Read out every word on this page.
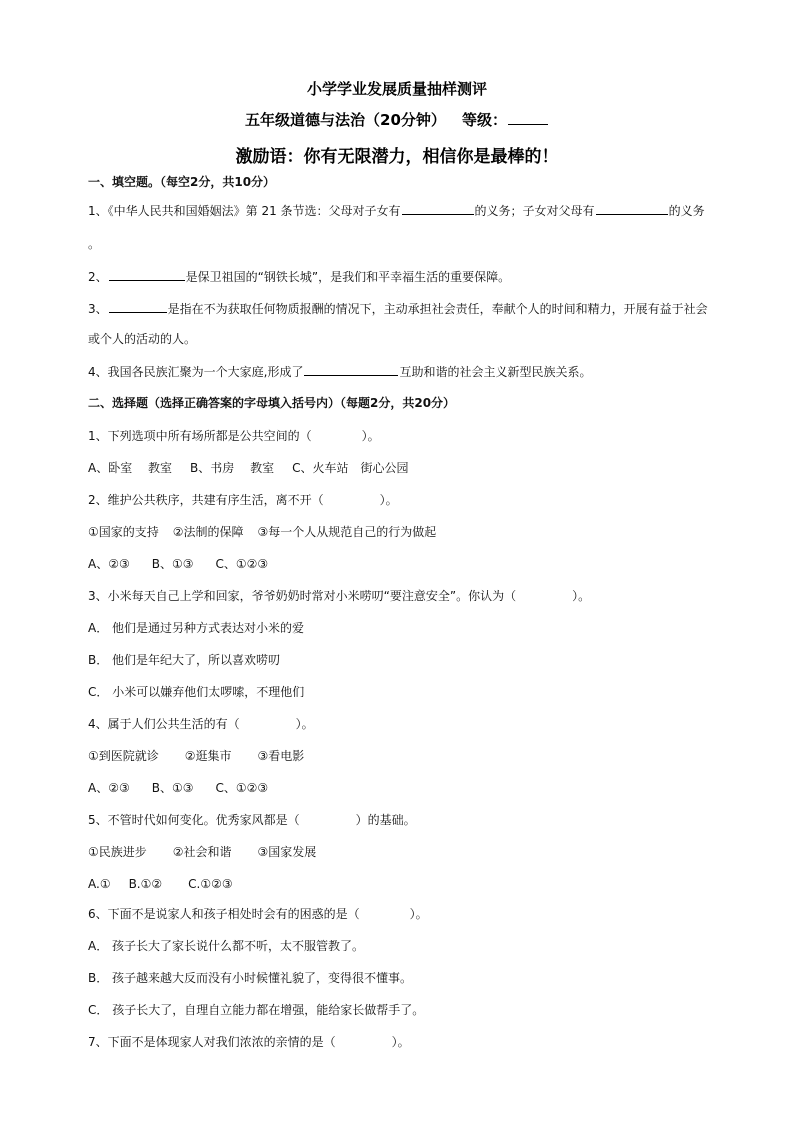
小学学业发展质量抽样测评
五年级道德与法治（20分钟） 等级：
激励语：你有无限潜力，相信你是最棒的！
一、填空题。（每空2分，共10分）
1、《中华人民共和国婚姻法》第 21 条节选：父母对子女有	的义务；子女对父母有	的义务
。
2、	是保卫祖国的“钢铁长城”，是我们和平幸福生活的重要保障。
3、	是指在不为获取任何物质报酬的情况下，主动承担社会责任，奉献个人的时间和精力，开展有益于社会
或个人的活动的人。
4、我国各民族汇聚为一个大家庭,形成了	互助和谐的社会主义新型民族关系。
二、选择题（选择正确答案的字母填入括号内）（每题2分，共20分）
1、下列选项中所有场所都是公共空间的（	）。
A、卧室　 教室 B、书房　 教室 C、火车站　街心公园
2、维护公共秩序，共建有序生活，离不开（	）。
①国家的支持 ②法制的保障 ③每一个人从规范自己的行为做起
A、②③ B、①③ C、①②③
3、小米每天自己上学和回家，爷爷奶奶时常对小米唠叨“要注意安全”。你认为（	）。
A． 他们是通过另种方式表达对小米的爱
B． 他们是年纪大了，所以喜欢唠叨
C． 小米可以嫌弃他们太啰嗦，不理他们
4、属于人们公共生活的有（	）。
①到医院就诊 ②逛集市 ③看电影
A、②③ B、①③ C、①②③
5、不管时代如何变化。优秀家风都是（	）的基础。
①民族进步 ②社会和谐 ③国家发展
A.① B.①② C.①②③
6、下面不是说家人和孩子相处时会有的困惑的是（	）。
A． 孩子长大了家长说什么都不听，太不服管教了。
B． 孩子越来越大反而没有小时候懂礼貌了，变得很不懂事。
C． 孩子长大了，自理自立能力都在增强，能给家长做帮手了。
7、下面不是体现家人对我们浓浓的亲情的是（	）。
